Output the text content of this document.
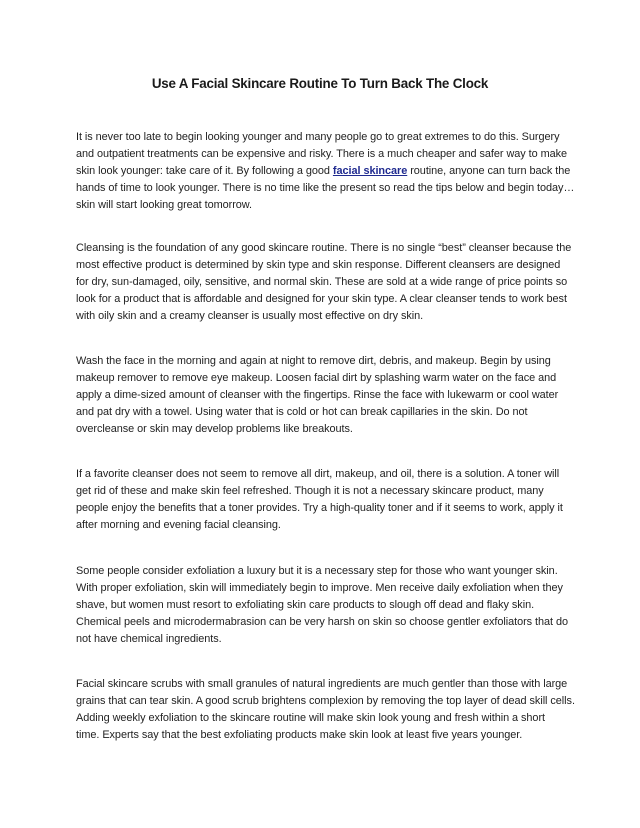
Use A Facial Skincare Routine To Turn Back The Clock

It is never too late to begin looking younger and many people go to great extremes to do this. Surgery
and outpatient treatments can be expensive and risky. There is a much cheaper and safer way to make
skin look younger: take care of it. By following a good facial skincare routine, anyone can turn back the
hands of time to look younger. There is no time like the present so read the tips below and begin today…
skin will start looking great tomorrow.

Cleansing is the foundation of any good skincare routine. There is no single “best” cleanser because the
most effective product is determined by skin type and skin response. Different cleansers are designed
for dry, sun-damaged, oily, sensitive, and normal skin. These are sold at a wide range of price points so
look for a product that is affordable and designed for your skin type. A clear cleanser tends to work best
with oily skin and a creamy cleanser is usually most effective on dry skin.

Wash the face in the morning and again at night to remove dirt, debris, and makeup. Begin by using
makeup remover to remove eye makeup. Loosen facial dirt by splashing warm water on the face and
apply a dime-sized amount of cleanser with the fingertips. Rinse the face with lukewarm or cool water
and pat dry with a towel. Using water that is cold or hot can break capillaries in the skin. Do not
overcleanse or skin may develop problems like breakouts.

If a favorite cleanser does not seem to remove all dirt, makeup, and oil, there is a solution. A toner will
get rid of these and make skin feel refreshed. Though it is not a necessary skincare product, many
people enjoy the benefits that a toner provides. Try a high-quality toner and if it seems to work, apply it
after morning and evening facial cleansing.

Some people consider exfoliation a luxury but it is a necessary step for those who want younger skin.
With proper exfoliation, skin will immediately begin to improve. Men receive daily exfoliation when they
shave, but women must resort to exfoliating skin care products to slough off dead and flaky skin.
Chemical peels and microdermabrasion can be very harsh on skin so choose gentler exfoliators that do
not have chemical ingredients.

Facial skincare scrubs with small granules of natural ingredients are much gentler than those with large
grains that can tear skin. A good scrub brightens complexion by removing the top layer of dead skill cells.
Adding weekly exfoliation to the skincare routine will make skin look young and fresh within a short
time. Experts say that the best exfoliating products make skin look at least five years younger.
